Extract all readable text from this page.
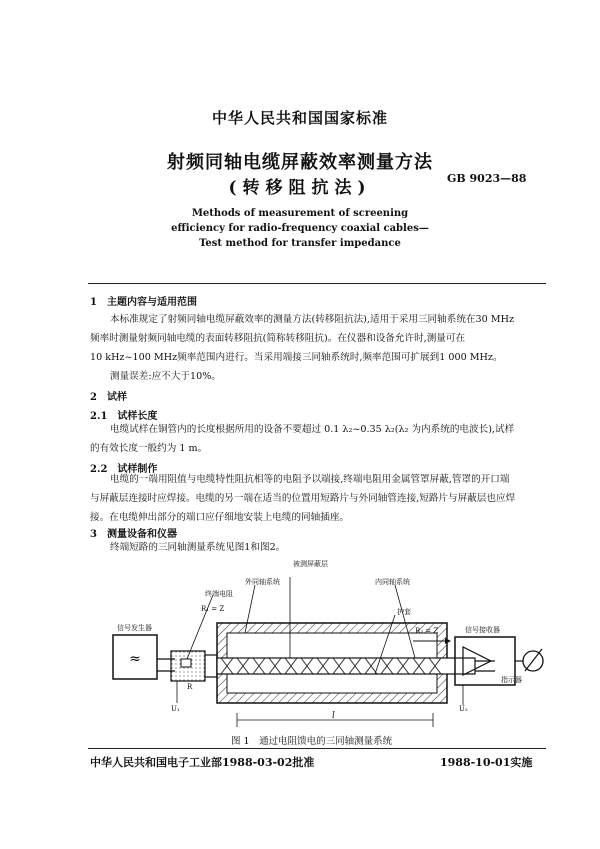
中华人民共和国国家标准
射频同轴电缆屏蔽效率测量方法
(转移阻抗法)	GB 9023—88
Methods of measurement of screening
efficiency for radio-frequency coaxial cables—
Test method for transfer impedance
1　主题内容与适用范围
本标准规定了射频同轴电缆屏蔽效率的测量方法(转移阻抗法),适用于采用三同轴系统在30 MHz
频率时测量射频同轴电缆的表面转移阻抗(简称转移阻抗)。在仪器和设备允许时,测量可在
10 kHz~100 MHz频率范围内进行。当采用端接三同轴系统时,频率范围可扩展到1 000 MHz。
测量误差:应不大于10%。
2　试样
2.1　试样长度
电缆试样在铜管内的长度根据所用的设备不要超过 0.1 λ₂~0.35 λ₂(λ₂ 为内系统的电波长),试样
的有效长度一般约为 1 m。
2.2　试样制作
电缆的一端用阻值与电缆特性阻抗相等的电阻予以端接,终端电阻用金属管罩屏蔽,管罩的开口端
与屏蔽层连接时应焊接。电缆的另一端在适当的位置用短路片与外同轴管连接,短路片与屏蔽层也应焊
接。在电缆伸出部分的端口应仔细地安装上电缆的同轴插座。
3　测量设备和仪器
终端短路的三同轴测量系统见图1和图2。
≈
被测屏蔽层
外同轴系统	内同轴系统
终端电阻
R₁ = Z	护套
R₂ = Z
信号发生器	信号接收器
指示器
R
U₁	U₂
l
图 1　通过电阻馈电的三同轴测量系统
中华人民共和国电子工业部1988-03-02批准	1988-10-01实施
